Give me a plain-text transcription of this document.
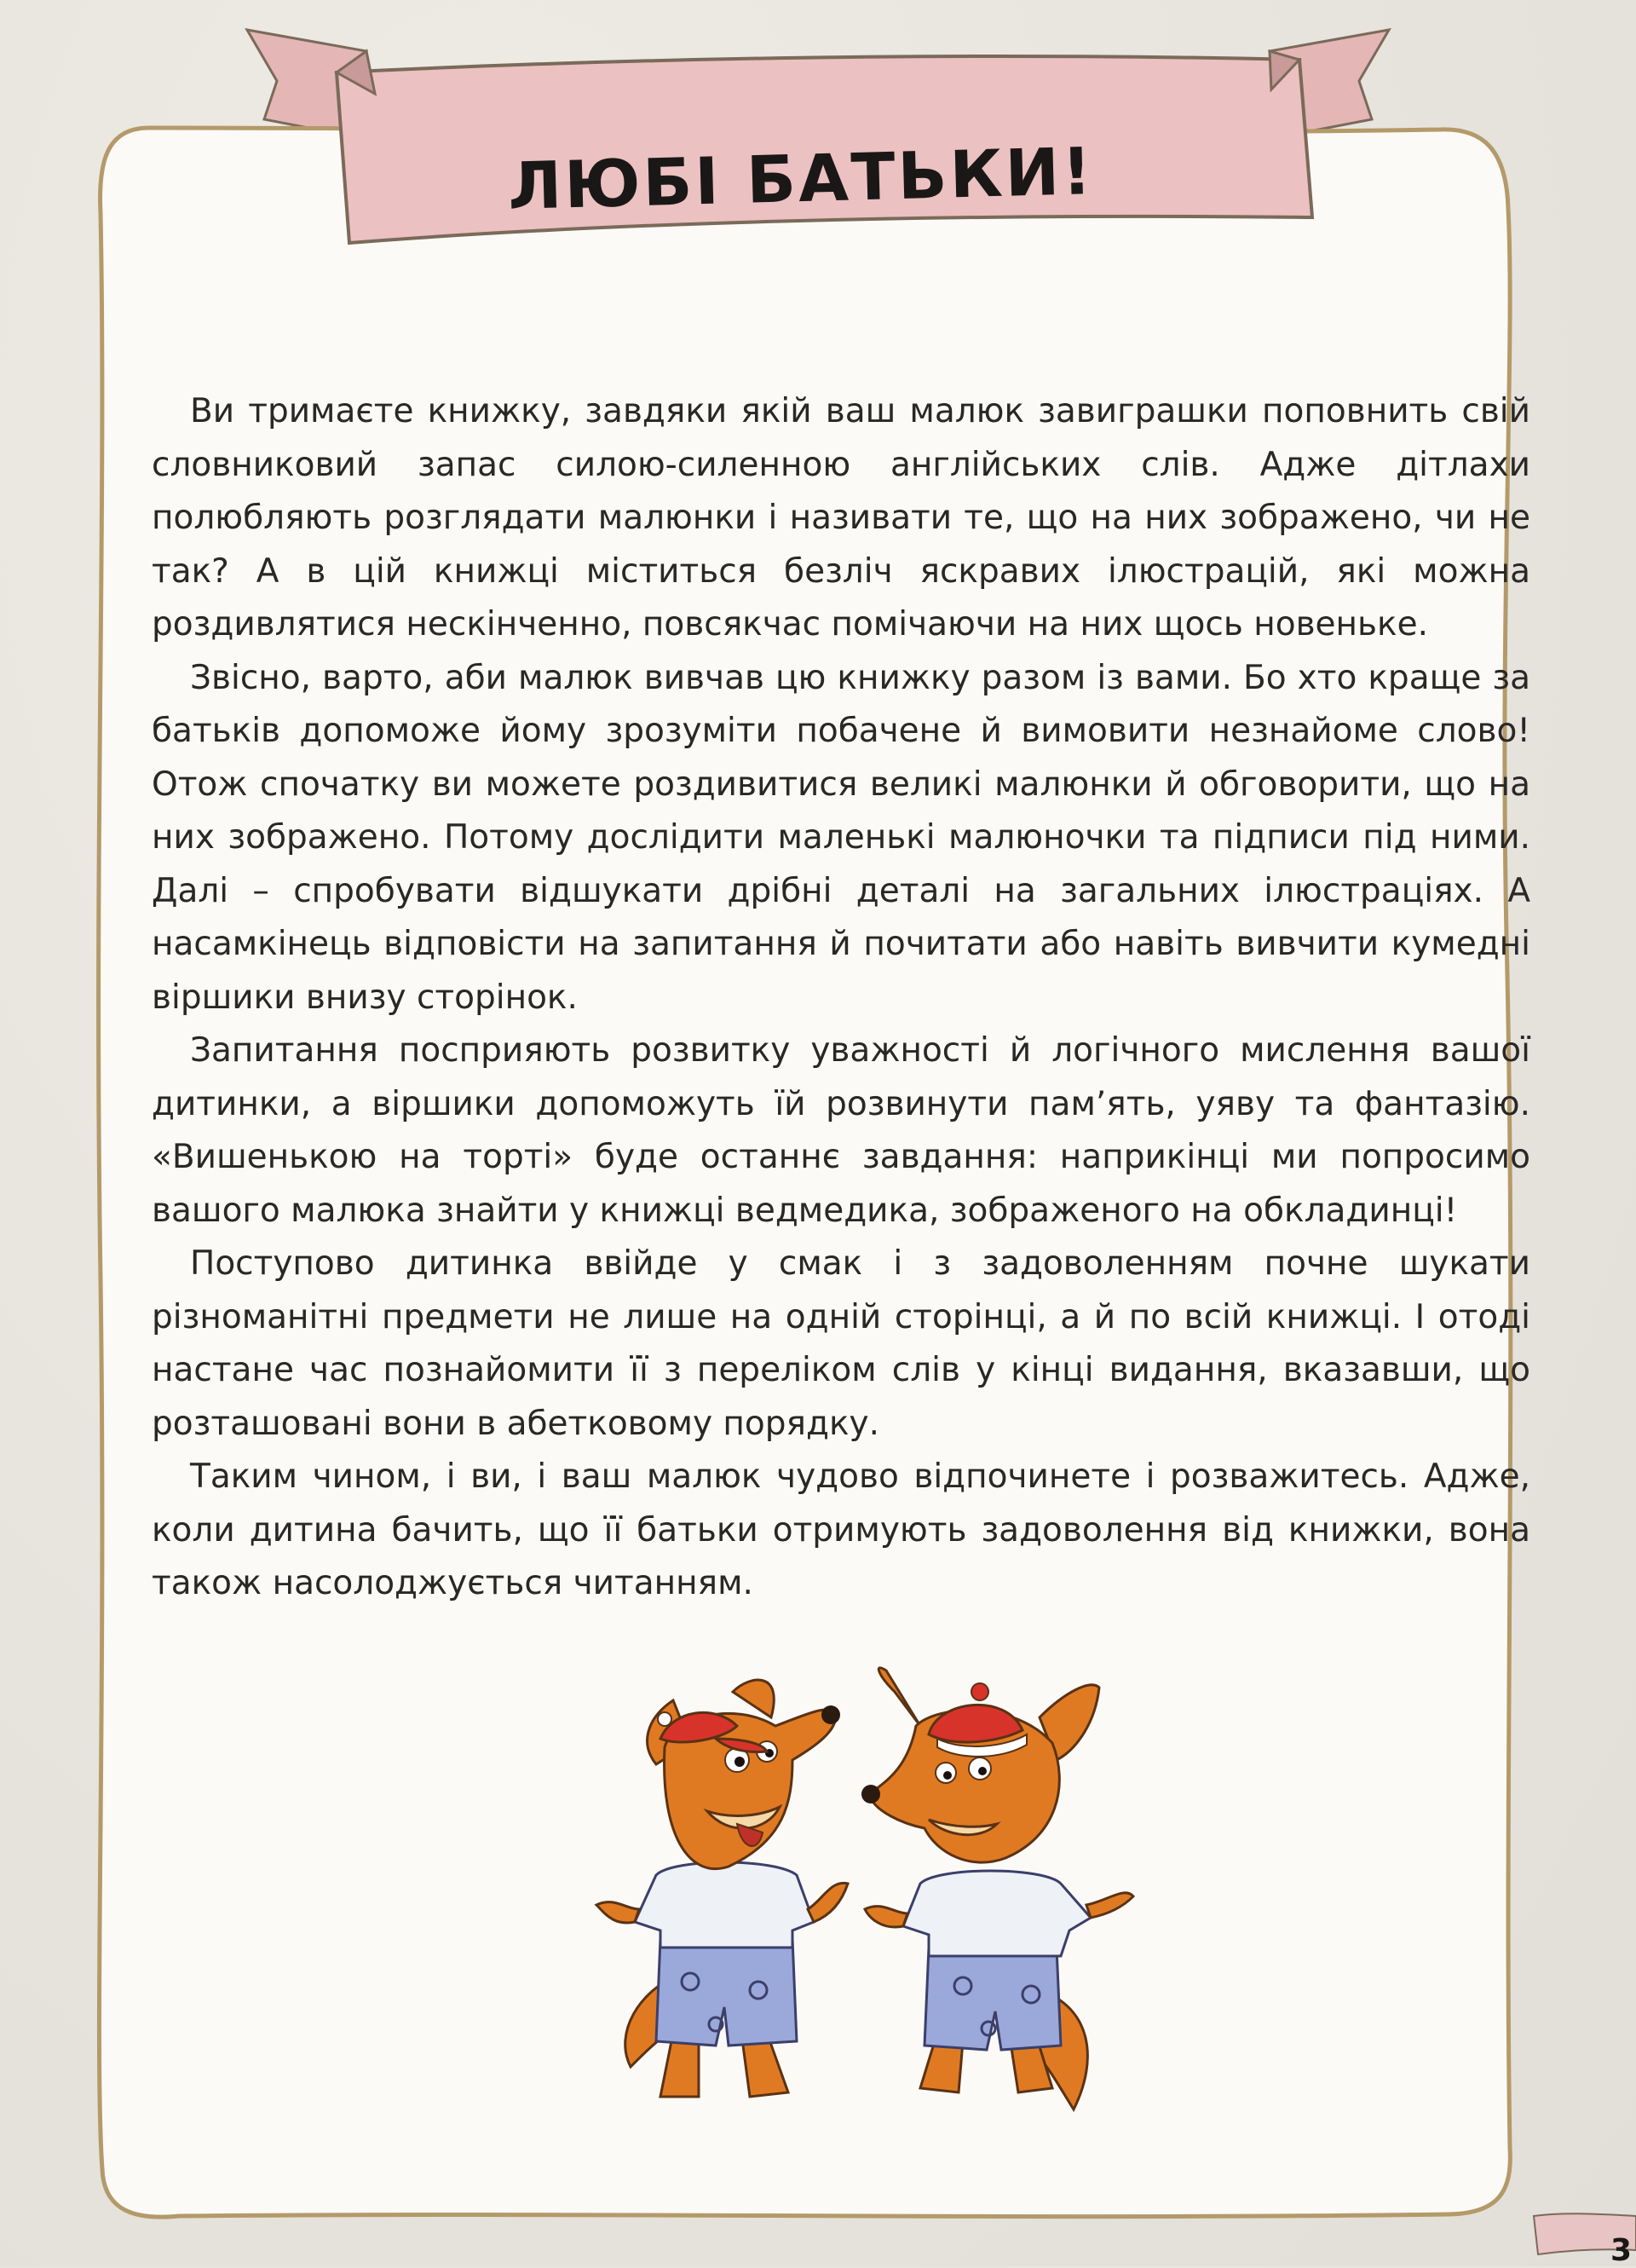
ЛЮБІ БАТЬКИ!

Ви тримаєте книжку, завдяки якій ваш малюк завиграшки поповнить свій словниковий запас силою-силенною англійських слів. Адже дітлахи полюбляють розглядати малюнки і називати те, що на них зображено, чи не так? А в цій книжці міститься безліч яскравих ілюстрацій, які можна роздивлятися нескінченно, повсякчас помічаючи на них щось новеньке.

Звісно, варто, аби малюк вивчав цю книжку разом із вами. Бо хто краще за батьків допоможе йому зрозуміти побачене й вимовити незнайоме слово! Отож спочатку ви можете роздивитися великі малюнки й обговорити, що на них зображено. Потому дослідити маленькі малюночки та підписи під ними. Далі – спробувати відшукати дрібні деталі на загальних ілюстраціях. А насамкінець відповісти на запитання й почитати або навіть вивчити кумедні віршики внизу сторінок.

Запитання посприяють розвитку уважності й логічного мислення вашої дитинки, а віршики допоможуть їй розвинути пам’ять, уяву та фантазію. «Вишенькою на торті» буде останнє завдання: наприкінці ми попросимо вашого малюка знайти у книжці ведмедика, зображеного на обкладинці!

Поступово дитинка ввійде у смак і з задоволенням почне шукати різноманітні предмети не лише на одній сторінці, а й по всій книжці. І отоді настане час познайомити її з переліком слів у кінці видання, вказавши, що розташовані вони в абетковому порядку.

Таким чином, і ви, і ваш малюк чудово відпочинете і розважитесь. Адже, коли дитина бачить, що її батьки отримують задоволення від книжки, вона також насолоджується читанням.

3
